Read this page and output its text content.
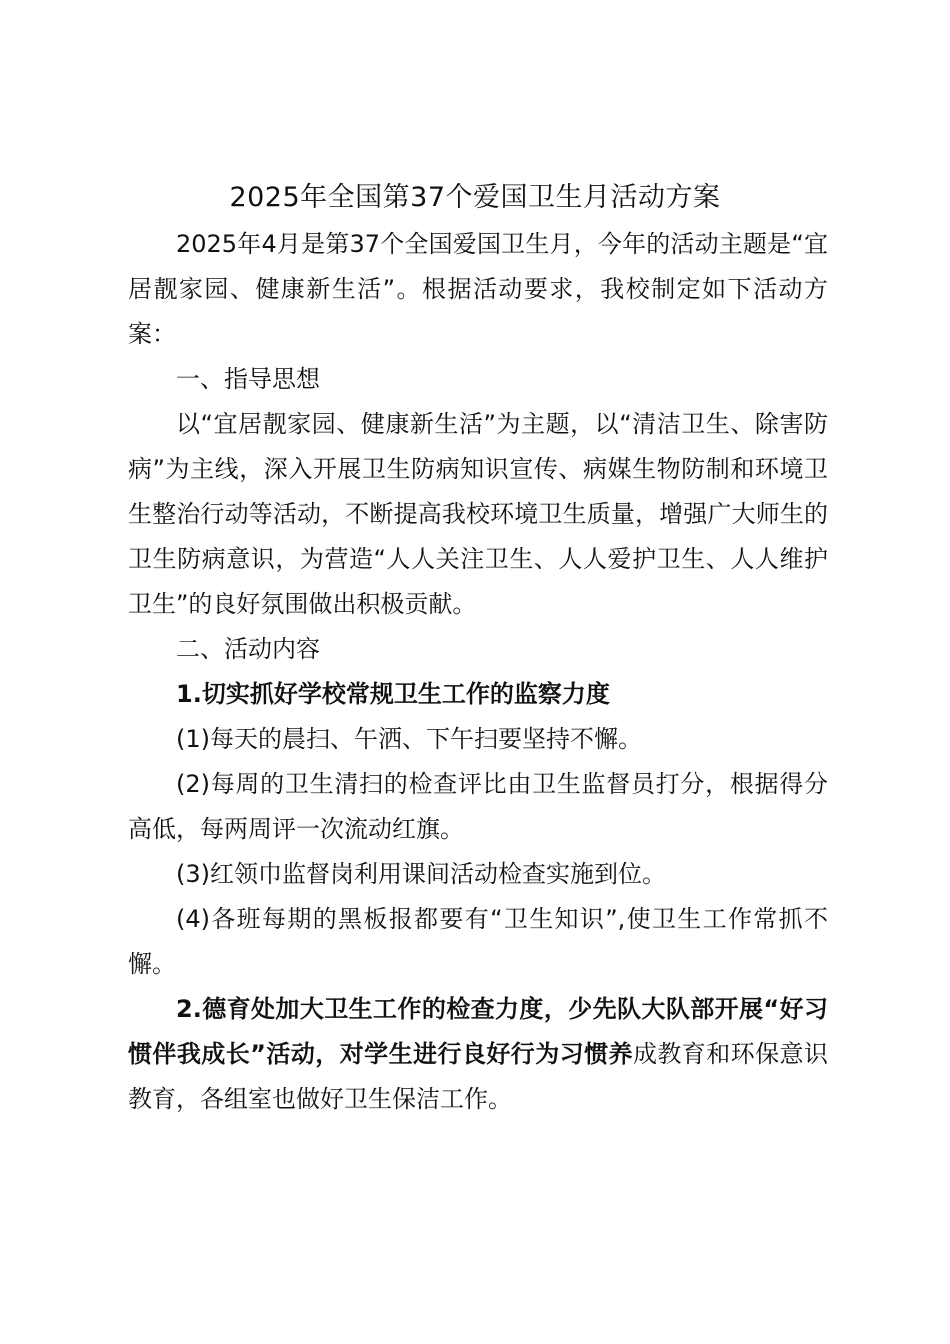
2025年全国第37个爱国卫生月活动方案

2025年4月是第37个全国爱国卫生月，今年的活动主题是“宜居靓家园、健康新生活”。根据活动要求，我校制定如下活动方案：

一、指导思想

以“宜居靓家园、健康新生活”为主题，以“清洁卫生、除害防病”为主线，深入开展卫生防病知识宣传、病媒生物防制和环境卫生整治行动等活动，不断提高我校环境卫生质量，增强广大师生的卫生防病意识，为营造“人人关注卫生、人人爱护卫生、人人维护卫生”的良好氛围做出积极贡献。

二、活动内容

1.切实抓好学校常规卫生工作的监察力度

(1)每天的晨扫、午洒、下午扫要坚持不懈。

(2)每周的卫生清扫的检查评比由卫生监督员打分，根据得分高低，每两周评一次流动红旗。

(3)红领巾监督岗利用课间活动检查实施到位。

(4)各班每期的黑板报都要有“卫生知识”,使卫生工作常抓不懈。

2.德育处加大卫生工作的检查力度，少先队大队部开展“好习惯伴我成长”活动，对学生进行良好行为习惯养成教育和环保意识教育，各组室也做好卫生保洁工作。
